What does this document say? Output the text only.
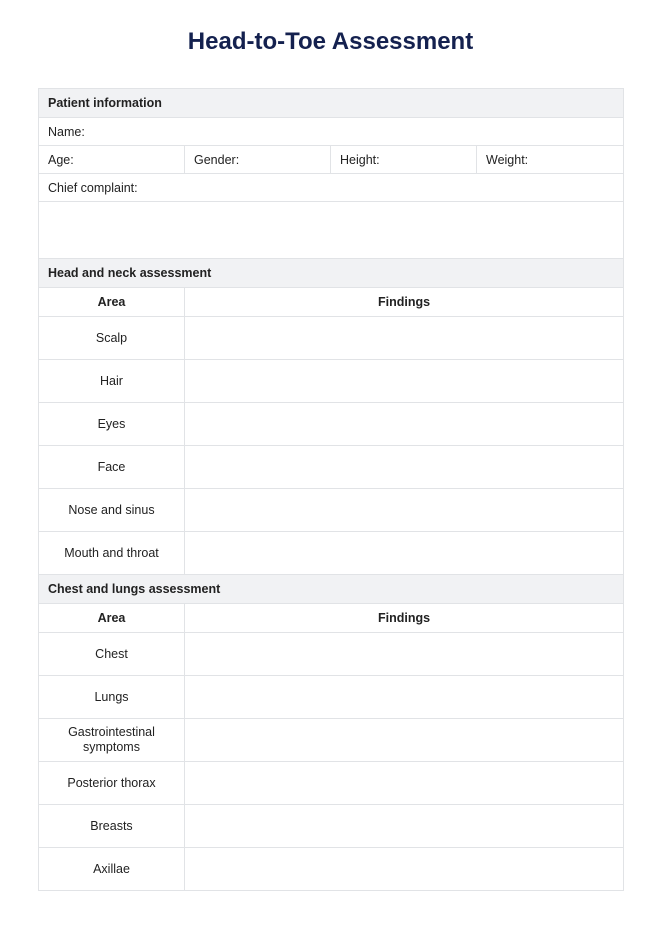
Head-to-Toe Assessment
Patient information			
Name:			
Age:	Gender:	Height:	Weight:
Chief complaint:			

Head and neck assessment			
Area	Findings		
Scalp			
Hair			
Eyes			
Face			
Nose and sinus			
Mouth and throat			
Chest and lungs assessment			
Area	Findings		
Chest			
Lungs			
Gastrointestinal symptoms			
Posterior thorax			
Breasts			
Axillae			
